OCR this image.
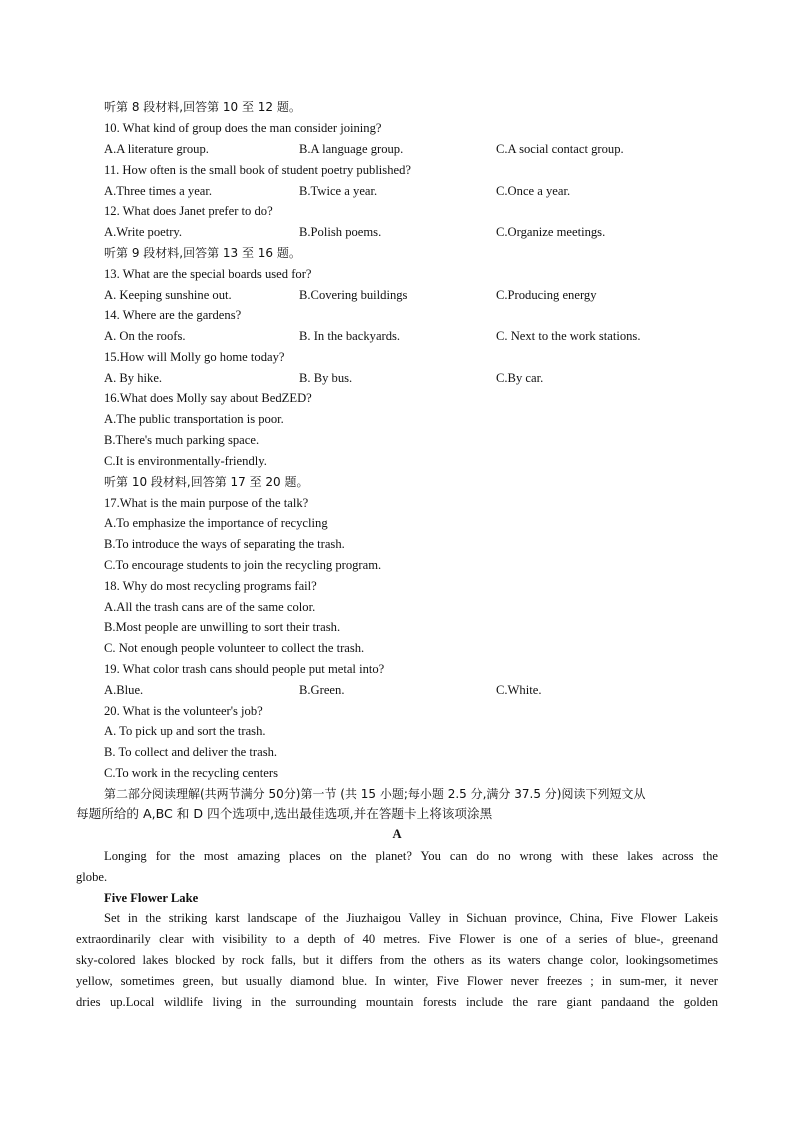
听第 8 段材料,回答第 10 至 12 题。
10. What kind of group does the man consider joining?
A.A literature group.	B.A language group.	C.A social contact group.
11. How often is the small book of student poetry published?
A.Three times a year.	B.Twice a year.	C.Once a year.
12. What does Janet prefer to do?
A.Write poetry.	B.Polish poems.	C.Organize meetings.
听第 9 段材料,回答第 13 至 16 题。
13. What are the special boards used for?
A. Keeping sunshine out.	B.Covering buildings	C.Producing energy
14. Where are the gardens?
A. On the roofs.	B. In the backyards.	C. Next to the work stations.
15.How will Molly go home today?
A. By hike.	B. By bus.	C.By car.
16.What does Molly say about BedZED?
A.The public transportation is poor.
B.There's much parking space.
C.It is environmentally-friendly.
听第 10 段材料,回答第 17 至 20 题。
17.What is the main purpose of the talk?
A.To emphasize the importance of recycling
B.To introduce the ways of separating the trash.
C.To encourage students to join the recycling program.
18. Why do most recycling programs fail?
A.All the trash cans are of the same color.
B.Most people are unwilling to sort their trash.
C. Not enough people volunteer to collect the trash.
19. What color trash cans should people put metal into?
A.Blue.	B.Green.	C.White.
20. What is the volunteer's job?
A. To pick up and sort the trash.
B. To collect and deliver the trash.
C.To work in the recycling centers
第二部分阅读理解(共两节满分 50分)第一节 (共 15 小题;每小题 2.5 分,满分 37.5 分)阅读下列短文从
每题所给的 A,BC 和 D 四个选项中,选出最佳选项,并在答题卡上将该项涂黑
A
Longing for the most amazing places on the planet? You can do no wrong with these lakes across the
globe.
Five Flower Lake
Set in the striking karst landscape of the Jiuzhaigou Valley in Sichuan province, China, Five Flower Lakeis
extraordinarily clear with visibility to a depth of 40 metres. Five Flower is one of a series of blue-, greenand
sky-colored lakes blocked by rock falls, but it differs from the others as its waters change color, lookingsometimes
yellow, sometimes green, but usually diamond blue. In winter, Five Flower never freezes ; in sum-mer, it never
dries up.Local wildlife living in the surrounding mountain forests include the rare giant pandaand the golden
